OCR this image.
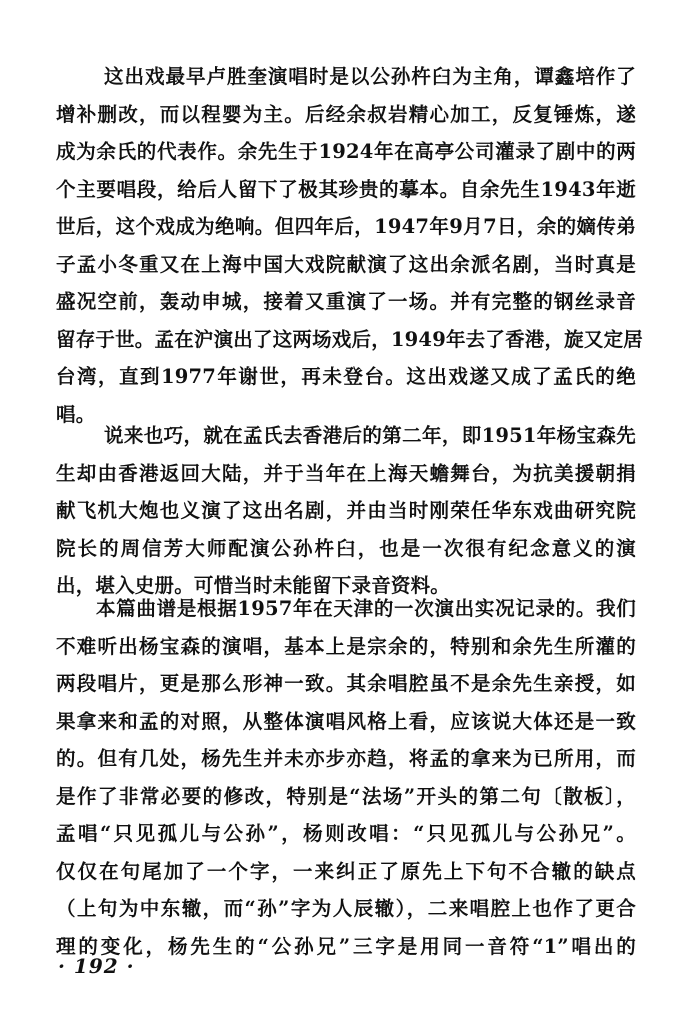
这出戏最早卢胜奎演唱时是以公孙杵臼为主角，谭鑫培作了
增补删改，而以程婴为主。后经余叔岩精心加工，反复锤炼，遂
成为余氏的代表作。余先生于1924年在高亭公司灌录了剧中的两
个主要唱段，给后人留下了极其珍贵的摹本。自余先生1943年逝
世后，这个戏成为绝响。但四年后，1947年9月7日，余的嫡传弟
子孟小冬重又在上海中国大戏院献演了这出余派名剧，当时真是
盛况空前，轰动申城，接着又重演了一场。并有完整的钢丝录音
留存于世。孟在沪演出了这两场戏后，1949年去了香港，旋又定居
台湾，直到1977年谢世，再未登台。这出戏遂又成了孟氏的绝
唱。
说来也巧，就在孟氏去香港后的第二年，即1951年杨宝森先
生却由香港返回大陆，并于当年在上海天蟾舞台，为抗美援朝捐
献飞机大炮也义演了这出名剧，并由当时刚荣任华东戏曲研究院
院长的周信芳大师配演公孙杵臼，也是一次很有纪念意义的演
出，堪入史册。可惜当时未能留下录音资料。
本篇曲谱是根据1957年在天津的一次演出实况记录的。我们
不难听出杨宝森的演唱，基本上是宗余的，特别和余先生所灌的
两段唱片，更是那么形神一致。其余唱腔虽不是余先生亲授，如
果拿来和孟的对照，从整体演唱风格上看，应该说大体还是一致
的。但有几处，杨先生并未亦步亦趋，将孟的拿来为已所用，而
是作了非常必要的修改，特别是“法场”开头的第二句〔散板〕，
孟唱“只见孤儿与公孙”，杨则改唱：“只见孤儿与公孙兄”。
仅仅在句尾加了一个字，一来纠正了原先上下句不合辙的缺点
（上句为中东辙，而“孙”字为人辰辙），二来唱腔上也作了更合
理的变化，杨先生的“公孙兄”三字是用同一音符“1”唱出的
· 192 ·
